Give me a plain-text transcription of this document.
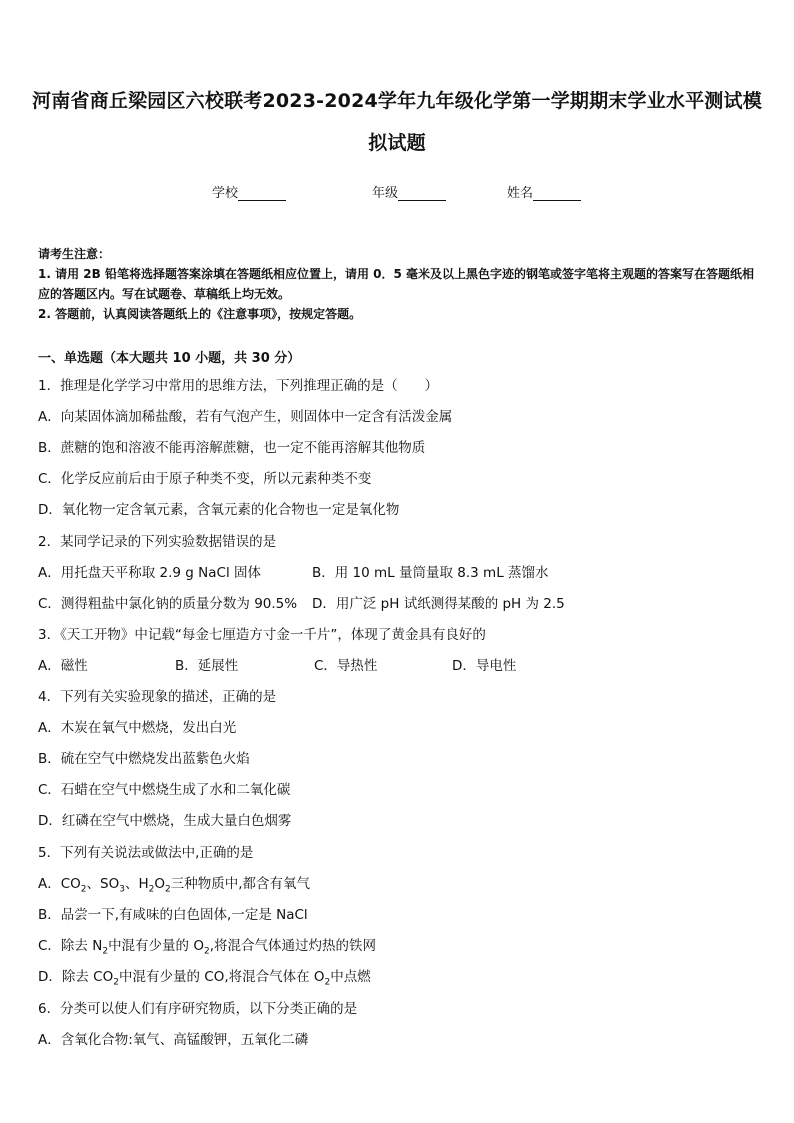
河南省商丘梁园区六校联考2023-2024学年九年级化学第一学期期末学业水平测试模
拟试题
学校	年级	姓名
请考生注意：
1. 请用 2B 铅笔将选择题答案涂填在答题纸相应位置上，请用 0．5 毫米及以上黑色字迹的钢笔或签字笔将主观题的答案写在答题纸相应的答题区内。写在试题卷、草稿纸上均无效。
2. 答题前，认真阅读答题纸上的《注意事项》，按规定答题。
一、单选题（本大题共 10 小题，共 30 分）
1．推理是化学学习中常用的思维方法，下列推理正确的是（　　）
A．向某固体滴加稀盐酸，若有气泡产生，则固体中一定含有活泼金属
B．蔗糖的饱和溶液不能再溶解蔗糖，也一定不能再溶解其他物质
C．化学反应前后由于原子种类不变，所以元素种类不变
D．氧化物一定含氧元素，含氧元素的化合物也一定是氧化物
2．某同学记录的下列实验数据错误的是
A．用托盘天平称取 2.9 g NaCl 固体	B．用 10 mL 量筒量取 8.3 mL 蒸馏水
C．测得粗盐中氯化钠的质量分数为 90.5% D．用广泛 pH 试纸测得某酸的 pH 为 2.5
3．《天工开物》中记载“每金七厘造方寸金一千片”，体现了黄金具有良好的
A．磁性	B．延展性	C．导热性	D．导电性
4．下列有关实验现象的描述，正确的是
A．木炭在氧气中燃烧，发出白光
B．硫在空气中燃烧发出蓝紫色火焰
C．石蜡在空气中燃烧生成了水和二氧化碳
D．红磷在空气中燃烧，生成大量白色烟雾
5．下列有关说法或做法中,正确的是
A．$CO_2$、$SO_3$、$H_2O_2$三种物质中,都含有氧气
B．品尝一下,有咸味的白色固体,一定是 NaCl
C．除去 $N_2$中混有少量的 $O_2$,将混合气体通过灼热的铁网
D．除去 $CO_2$中混有少量的 CO,将混合气体在 $O_2$中点燃
6．分类可以使人们有序研究物质，以下分类正确的是
A．含氧化合物:氧气、高锰酸钾，五氧化二磷
